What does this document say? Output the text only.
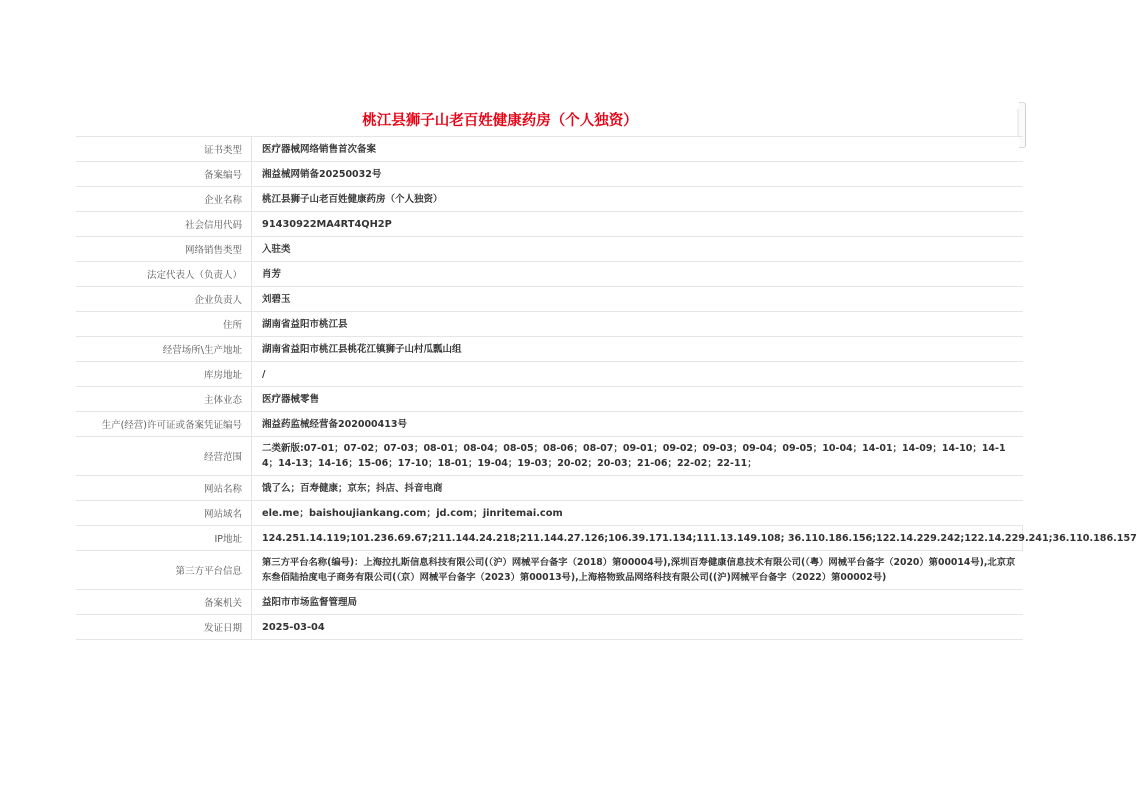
桃江县狮子山老百姓健康药房（个人独资）
证书类型	医疗器械网络销售首次备案
备案编号	湘益械网销备20250032号
企业名称	桃江县狮子山老百姓健康药房（个人独资）
社会信用代码	91430922MA4RT4QH2P
网络销售类型	入驻类
法定代表人（负责人）	肖芳
企业负责人	刘碧玉
住所	湖南省益阳市桃江县
经营场所\生产地址	湖南省益阳市桃江县桃花江镇狮子山村瓜瓢山组
库房地址	/
主体业态	医疗器械零售
生产(经营)许可证或备案凭证编号	湘益药监械经营备202000413号
经营范围	二类新版:07-01；07-02；07-03；08-01；08-04；08-05；08-06；08-07；09-01；09-02；09-03；09-04；09-05；10-04；14-01；14-09；14-10；14-14；14-13；14-16；15-06；17-10；18-01；19-04；19-03；20-02；20-03；21-06；22-02；22-11；
网站名称	饿了么；百寿健康；京东；抖店、抖音电商
网站域名	ele.me；baishoujiankang.com；jd.com；jinritemai.com
IP地址	124.251.14.119;101.236.69.67;211.144.24.218;211.144.27.126;106.39.171.134;111.13.149.108; 36.110.186.156;122.14.229.242;122.14.229.241;36.110.186.157
第三方平台信息	第三方平台名称(编号)：上海拉扎斯信息科技有限公司(（沪）网械平台备字（2018）第00004号),深圳百寿健康信息技术有限公司(（粤）网械平台备字（2020）第00014号),北京京东叁佰陆拾度电子商务有限公司(（京）网械平台备字（2023）第00013号),上海格物致品网络科技有限公司((沪)网械平台备字（2022）第00002号)
备案机关	益阳市市场监督管理局
发证日期	2025-03-04
